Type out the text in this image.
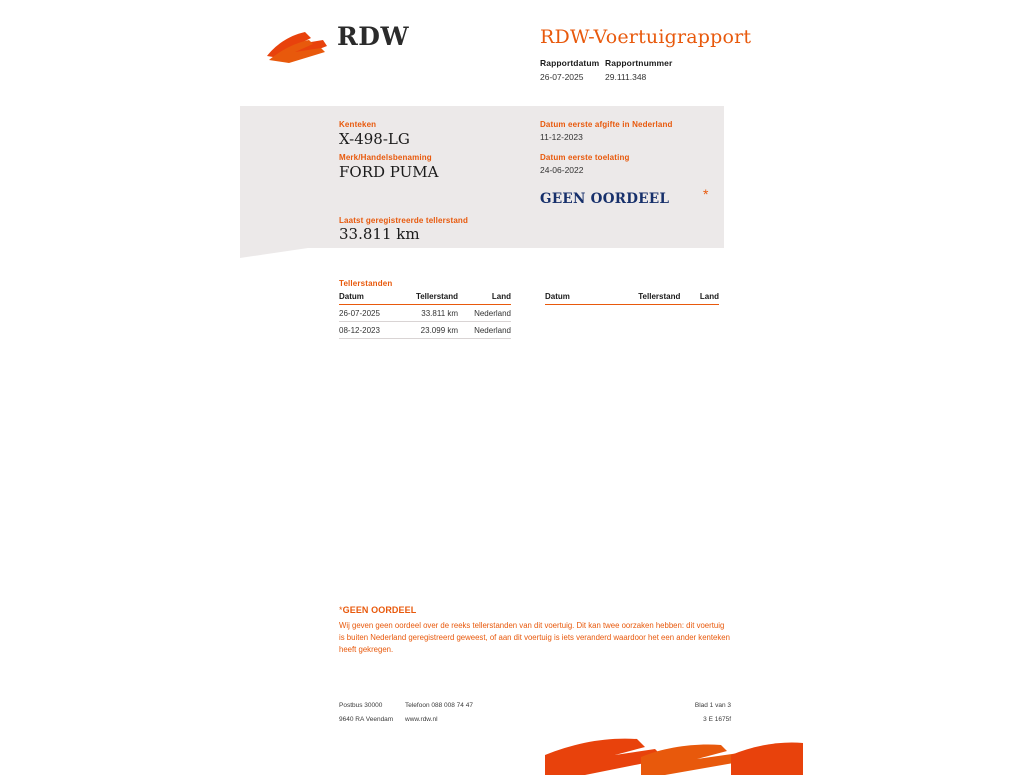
RDW	RDW-Voertuigrapport
Rapportdatum
26-07-2025
Rapportnummer
29.111.348
Kenteken
X-498-LG
Merk/Handelsbenaming
FORD PUMA
Laatst geregistreerde tellerstand
33.811 km
Datum eerste afgifte in Nederland
11-12-2023
Datum eerste toelating
24-06-2022
GEEN OORDEEL *
Tellerstanden
Datum	Tellerstand	Land
26-07-2025	33.811 km	Nederland
08-12-2023	23.099 km	Nederland
Datum	Tellerstand	Land
*GEEN OORDEEL
Wij geven geen oordeel over de reeks tellerstanden van dit voertuig. Dit kan twee oorzaken hebben: dit voertuig is buiten Nederland geregistreerd geweest, of aan dit voertuig is iets veranderd waardoor het een ander kenteken heeft gekregen.
Postbus 30000
9640 RA Veendam
Telefoon 088 008 74 47
www.rdw.nl
Blad 1 van 3
3 E 1675f
